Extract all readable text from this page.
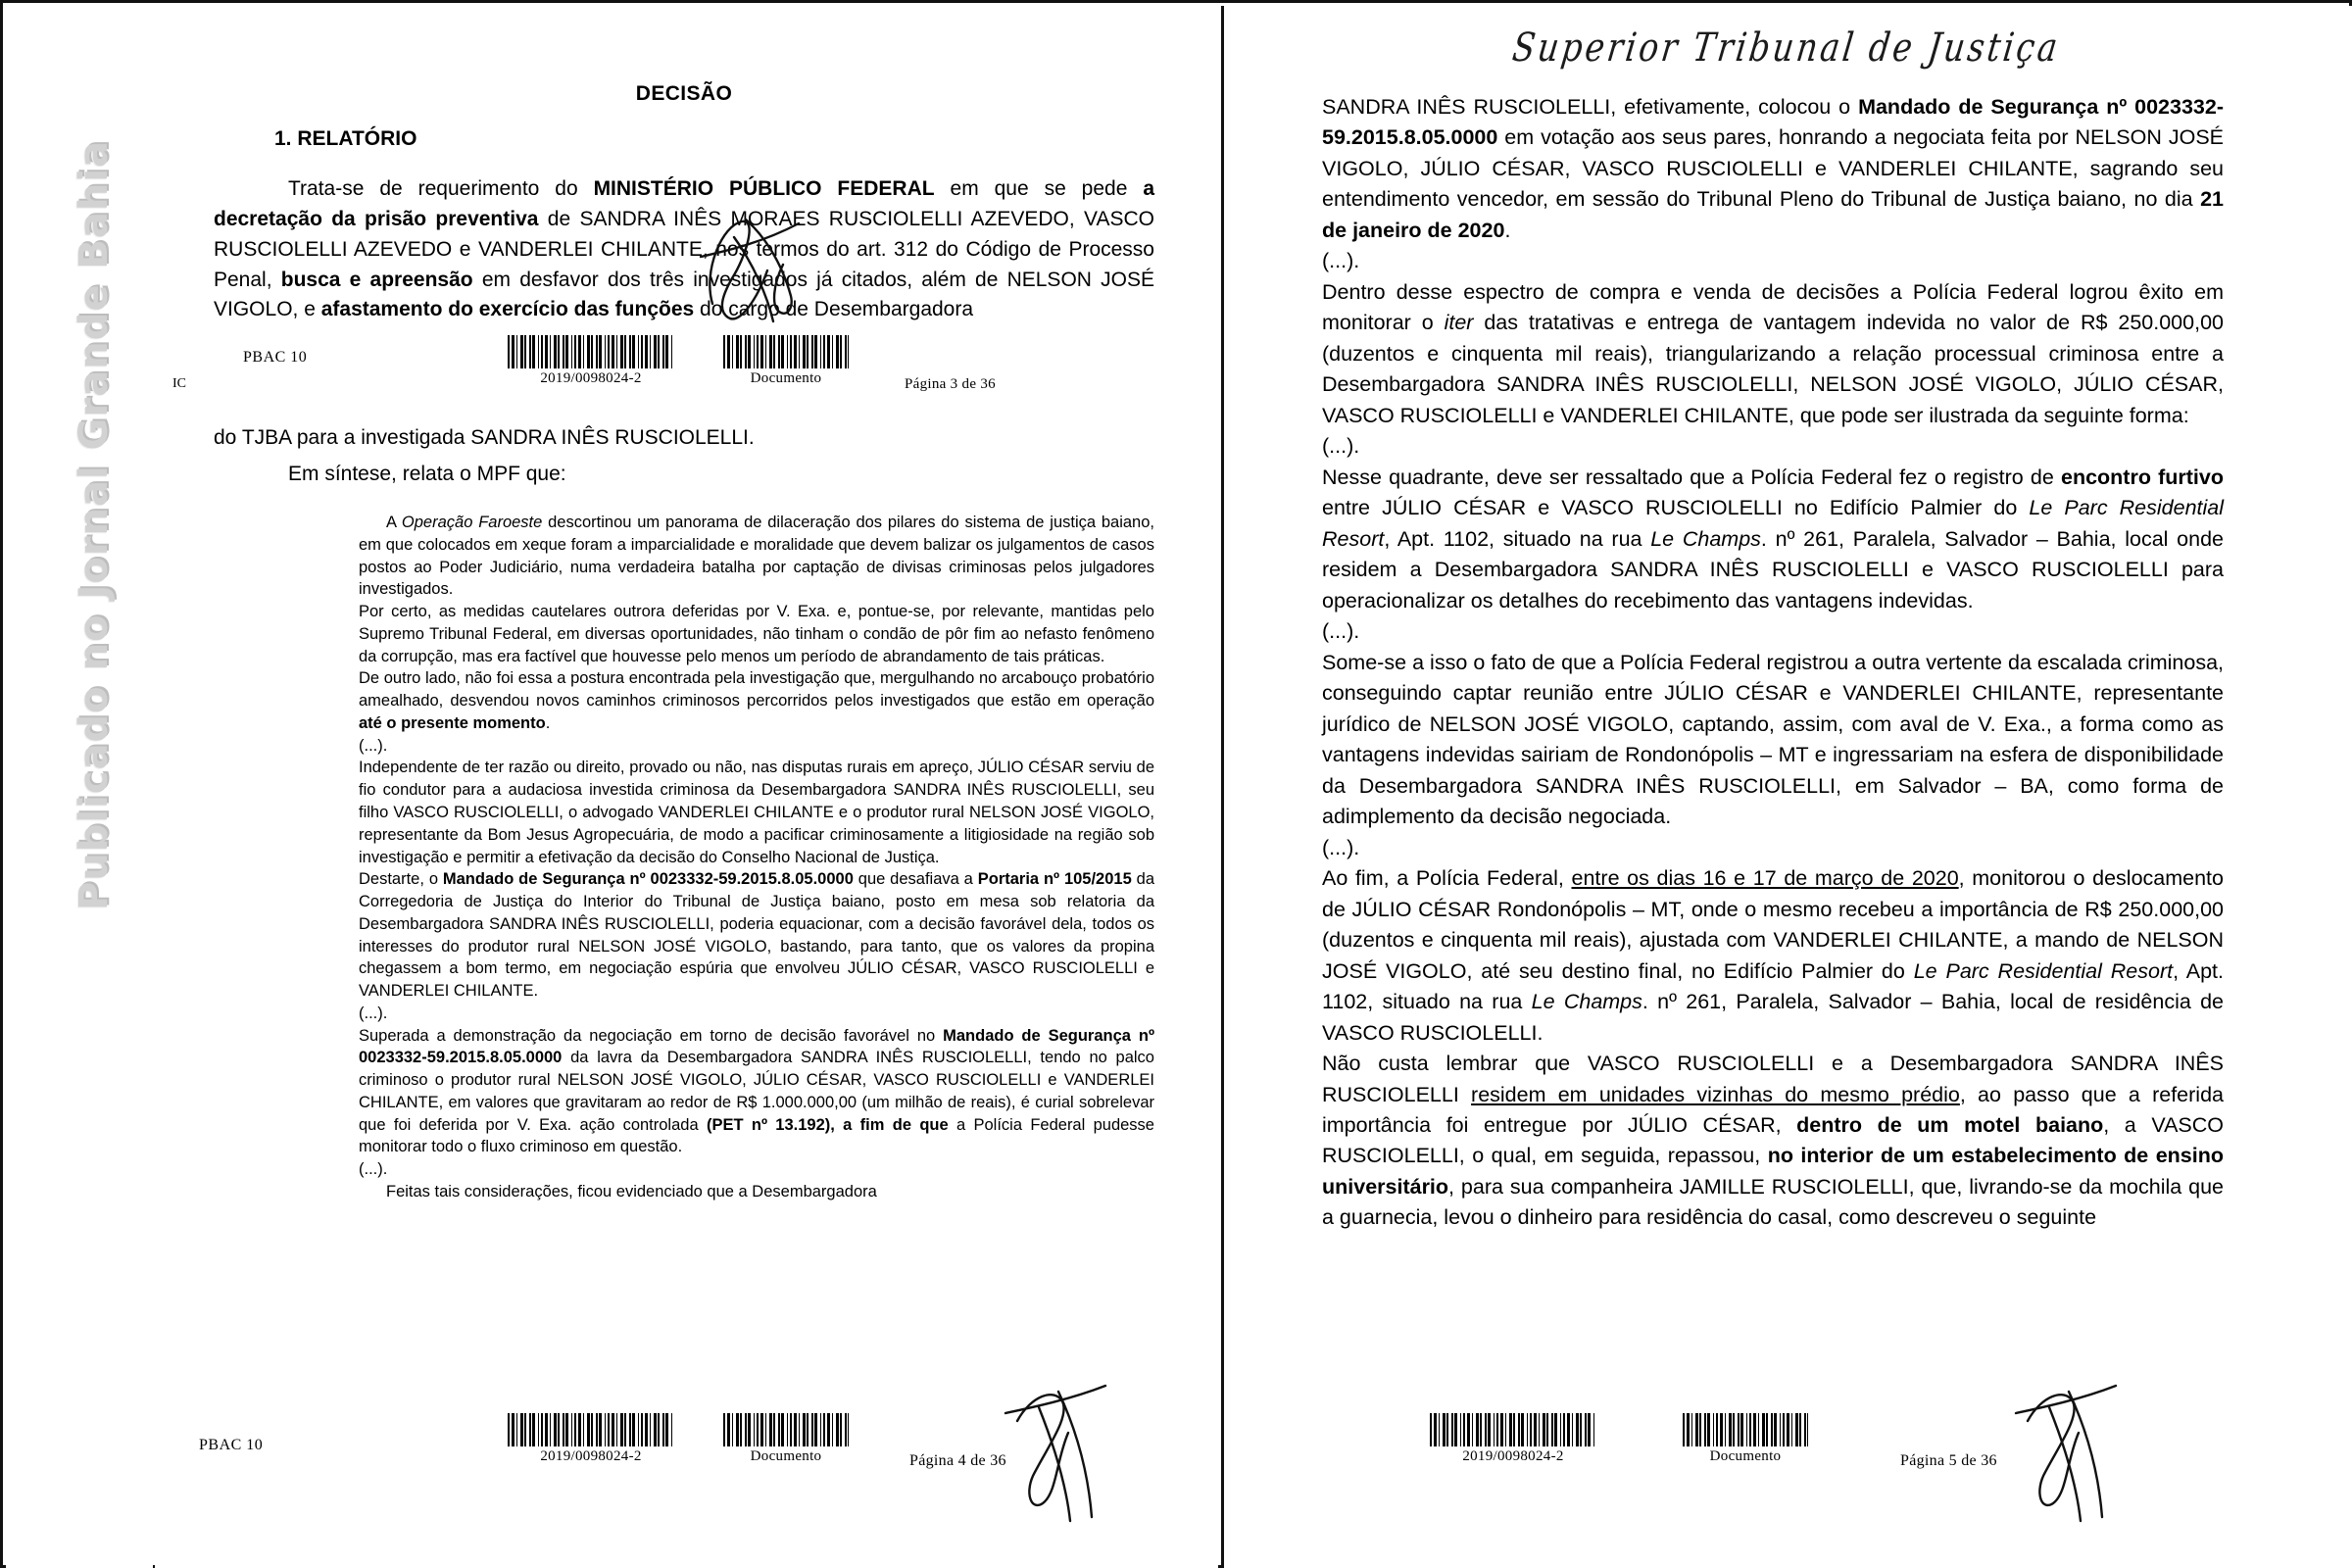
Publicado no Jornal Grande Bahia
DECISÃO
1. RELATÓRIO

Trata-se de requerimento do MINISTÉRIO PÚBLICO FEDERAL em que se pede a decretação da prisão preventiva de SANDRA INÊS MORAES RUSCIOLELLI AZEVEDO, VASCO RUSCIOLELLI AZEVEDO e VANDERLEI CHILANTE, nos termos do art. 312 do Código de Processo Penal, busca e apreensão em desfavor dos três investigados já citados, além de NELSON JOSÉ VIGOLO, e afastamento do exercício das funções do cargo de Desembargadora

PBAC 10
IC	2019/0098024-2	Documento	Página 3 de 36

do TJBA para a investigada SANDRA INÊS RUSCIOLELLI.

Em síntese, relata o MPF que:

A Operação Faroeste descortinou um panorama de dilaceração dos pilares do sistema de justiça baiano, em que colocados em xeque foram a imparcialidade e moralidade que devem balizar os julgamentos de casos postos ao Poder Judiciário, numa verdadeira batalha por captação de divisas criminosas pelos julgadores investigados.

Por certo, as medidas cautelares outrora deferidas por V. Exa. e, pontue-se, por relevante, mantidas pelo Supremo Tribunal Federal, em diversas oportunidades, não tinham o condão de pôr fim ao nefasto fenômeno da corrupção, mas era factível que houvesse pelo menos um período de abrandamento de tais práticas.

De outro lado, não foi essa a postura encontrada pela investigação que, mergulhando no arcabouço probatório amealhado, desvendou novos caminhos criminosos percorridos pelos investigados que estão em operação até o presente momento.

(...).

Independente de ter razão ou direito, provado ou não, nas disputas rurais em apreço, JÚLIO CÉSAR serviu de fio condutor para a audaciosa investida criminosa da Desembargadora SANDRA INÊS RUSCIOLELLI, seu filho VASCO RUSCIOLELLI, o advogado VANDERLEI CHILANTE e o produtor rural NELSON JOSÉ VIGOLO, representante da Bom Jesus Agropecuária, de modo a pacificar criminosamente a litigiosidade na região sob investigação e permitir a efetivação da decisão do Conselho Nacional de Justiça.

Destarte, o Mandado de Segurança nº 0023332-59.2015.8.05.0000 que desafiava a Portaria nº 105/2015 da Corregedoria de Justiça do Interior do Tribunal de Justiça baiano, posto em mesa sob relatoria da Desembargadora SANDRA INÊS RUSCIOLELLI, poderia equacionar, com a decisão favorável dela, todos os interesses do produtor rural NELSON JOSÉ VIGOLO, bastando, para tanto, que os valores da propina chegassem a bom termo, em negociação espúria que envolveu JÚLIO CÉSAR, VASCO RUSCIOLELLI e VANDERLEI CHILANTE.

(...).

Superada a demonstração da negociação em torno de decisão favorável no Mandado de Segurança nº 0023332-59.2015.8.05.0000 da lavra da Desembargadora SANDRA INÊS RUSCIOLELLI, tendo no palco criminoso o produtor rural NELSON JOSÉ VIGOLO, JÚLIO CÉSAR, VASCO RUSCIOLELLI e VANDERLEI CHILANTE, em valores que gravitaram ao redor de R$ 1.000.000,00 (um milhão de reais), é curial sobrelevar que foi deferida por V. Exa. ação controlada (PET nº 13.192), a fim de que a Polícia Federal pudesse monitorar todo o fluxo criminoso em questão.

(...).

Feitas tais considerações, ficou evidenciado que a Desembargadora

PBAC 10
2019/0098024-2	Documento	Página 4 de 36
Superior Tribunal de Justiça

SANDRA INÊS RUSCIOLELLI, efetivamente, colocou o Mandado de Segurança nº 0023332-59.2015.8.05.0000 em votação aos seus pares, honrando a negociata feita por NELSON JOSÉ VIGOLO, JÚLIO CÉSAR, VASCO RUSCIOLELLI e VANDERLEI CHILANTE, sagrando seu entendimento vencedor, em sessão do Tribunal Pleno do Tribunal de Justiça baiano, no dia 21 de janeiro de 2020.

(...).

Dentro desse espectro de compra e venda de decisões a Polícia Federal logrou êxito em monitorar o iter das tratativas e entrega de vantagem indevida no valor de R$ 250.000,00 (duzentos e cinquenta mil reais), triangularizando a relação processual criminosa entre a Desembargadora SANDRA INÊS RUSCIOLELLI, NELSON JOSÉ VIGOLO, JÚLIO CÉSAR, VASCO RUSCIOLELLI e VANDERLEI CHILANTE, que pode ser ilustrada da seguinte forma:

(...).

Nesse quadrante, deve ser ressaltado que a Polícia Federal fez o registro de encontro furtivo entre JÚLIO CÉSAR e VASCO RUSCIOLELLI no Edifício Palmier do Le Parc Residential Resort, Apt. 1102, situado na rua Le Champs. nº 261, Paralela, Salvador – Bahia, local onde residem a Desembargadora SANDRA INÊS RUSCIOLELLI e VASCO RUSCIOLELLI para operacionalizar os detalhes do recebimento das vantagens indevidas.

(...).

Some-se a isso o fato de que a Polícia Federal registrou a outra vertente da escalada criminosa, conseguindo captar reunião entre JÚLIO CÉSAR e VANDERLEI CHILANTE, representante jurídico de NELSON JOSÉ VIGOLO, captando, assim, com aval de V. Exa., a forma como as vantagens indevidas sairiam de Rondonópolis – MT e ingressariam na esfera de disponibilidade da Desembargadora SANDRA INÊS RUSCIOLELLI, em Salvador – BA, como forma de adimplemento da decisão negociada.

(...).

Ao fim, a Polícia Federal, entre os dias 16 e 17 de março de 2020, monitorou o deslocamento de JÚLIO CÉSAR Rondonópolis – MT, onde o mesmo recebeu a importância de R$ 250.000,00 (duzentos e cinquenta mil reais), ajustada com VANDERLEI CHILANTE, a mando de NELSON JOSÉ VIGOLO, até seu destino final, no Edifício Palmier do Le Parc Residential Resort, Apt. 1102, situado na rua Le Champs. nº 261, Paralela, Salvador – Bahia, local de residência de VASCO RUSCIOLELLI.

Não custa lembrar que VASCO RUSCIOLELLI e a Desembargadora SANDRA INÊS RUSCIOLELLI residem em unidades vizinhas do mesmo prédio, ao passo que a referida importância foi entregue por JÚLIO CÉSAR, dentro de um motel baiano, a VASCO RUSCIOLELLI, o qual, em seguida, repassou, no interior de um estabelecimento de ensino universitário, para sua companheira JAMILLE RUSCIOLELLI, que, livrando-se da mochila que a guarnecia, levou o dinheiro para residência do casal, como descreveu o seguinte

2019/0098024-2	Documento	Página 5 de 36
